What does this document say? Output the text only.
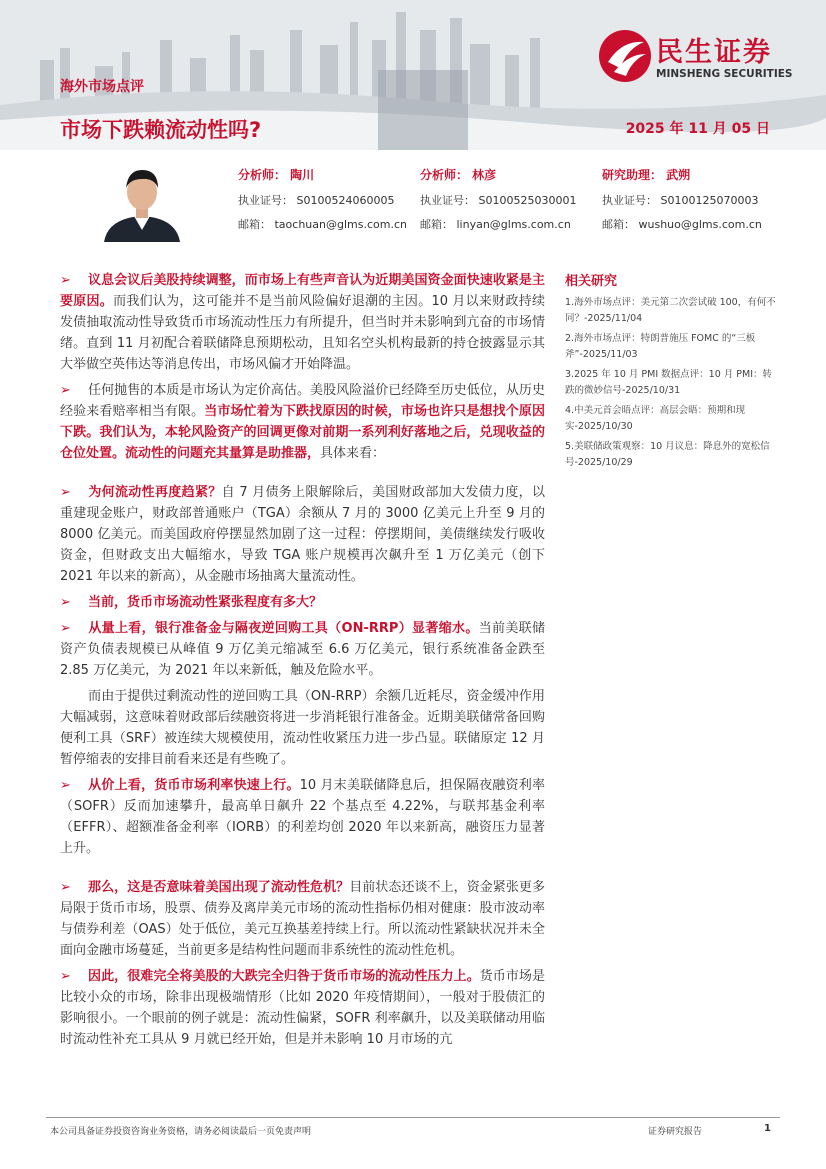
海外市场点评
市场下跌赖流动性吗?	2025 年 11 月 05 日
民生证券
MINSHENG SECURITIES
分析师： 陶川
执业证号： S0100524060005
邮箱： taochuan@glms.com.cn
分析师： 林彦
执业证号： S0100525030001
邮箱： linyan@glms.com.cn
研究助理： 武朔
执业证号： S0100125070003
邮箱： wushuo@glms.com.cn

➢ 议息会议后美股持续调整，而市场上有些声音认为近期美国资金面快速收紧是主要原因。而我们认为，这可能并不是当前风险偏好退潮的主因。10 月以来财政持续发债抽取流动性导致货币市场流动性压力有所提升，但当时并未影响到亢奋的市场情绪。直到 11 月初配合着联储降息预期松动，且知名空头机构最新的持仓披露显示其大举做空英伟达等消息传出，市场风偏才开始降温。

➢ 任何抛售的本质是市场认为定价高估。美股风险溢价已经降至历史低位，从历史经验来看赔率相当有限。当市场忙着为下跌找原因的时候，市场也许只是想找个原因下跌。我们认为，本轮风险资产的回调更像对前期一系列利好落地之后，兑现收益的仓位处置。流动性的问题充其量算是助推器，具体来看：

➢ 为何流动性再度趋紧？自 7 月债务上限解除后，美国财政部加大发债力度，以重建现金账户，财政部普通账户（TGA）余额从 7 月的 3000 亿美元上升至 9 月的 8000 亿美元。而美国政府停摆显然加剧了这一过程：停摆期间，美债继续发行吸收资金，但财政支出大幅缩水，导致 TGA 账户规模再次飙升至 1 万亿美元（创下 2021 年以来的新高），从金融市场抽离大量流动性。

➢ 当前，货币市场流动性紧张程度有多大？

➢ 从量上看，银行准备金与隔夜逆回购工具（ON-RRP）显著缩水。当前美联储资产负债表规模已从峰值 9 万亿美元缩减至 6.6 万亿美元，银行系统准备金跌至 2.85 万亿美元，为 2021 年以来新低，触及危险水平。

而由于提供过剩流动性的逆回购工具（ON-RRP）余额几近耗尽，资金缓冲作用大幅减弱，这意味着财政部后续融资将进一步消耗银行准备金。近期美联储常备回购便利工具（SRF）被连续大规模使用，流动性收紧压力进一步凸显。联储原定 12 月暂停缩表的安排目前看来还是有些晚了。

➢ 从价上看，货币市场利率快速上行。10 月末美联储降息后，担保隔夜融资利率（SOFR）反而加速攀升，最高单日飙升 22 个基点至 4.22%，与联邦基金利率（EFFR）、超额准备金利率（IORB）的利差均创 2020 年以来新高，融资压力显著上升。

➢ 那么，这是否意味着美国出现了流动性危机？目前状态还谈不上，资金紧张更多局限于货币市场，股票、债券及离岸美元市场的流动性指标仍相对健康：股市波动率与债券利差（OAS）处于低位，美元互换基差持续上行。所以流动性紧缺状况并未全面向金融市场蔓延，当前更多是结构性问题而非系统性的流动性危机。

➢ 因此，很难完全将美股的大跌完全归咎于货币市场的流动性压力上。货币市场是比较小众的市场，除非出现极端情形（比如 2020 年疫情期间），一般对于股债汇的影响很小。一个眼前的例子就是：流动性偏紧，SOFR 利率飙升，以及美联储动用临时流动性补充工具从 9 月就已经开始，但是并未影响 10 月市场的亢

相关研究
1.海外市场点评：美元第二次尝试破 100，有何不同？-2025/11/04
2.海外市场点评：特朗普施压 FOMC 的“三板斧”-2025/11/03
3.2025 年 10 月 PMI 数据点评：10 月 PMI：转跌的微妙信号-2025/10/31
4.中美元首会晤点评：高层会晤：预期和现实-2025/10/30
5.美联储政策观察：10 月议息：降息外的宽松信号-2025/10/29
本公司具备证券投资咨询业务资格，请务必阅读最后一页免责声明	证券研究报告	1
